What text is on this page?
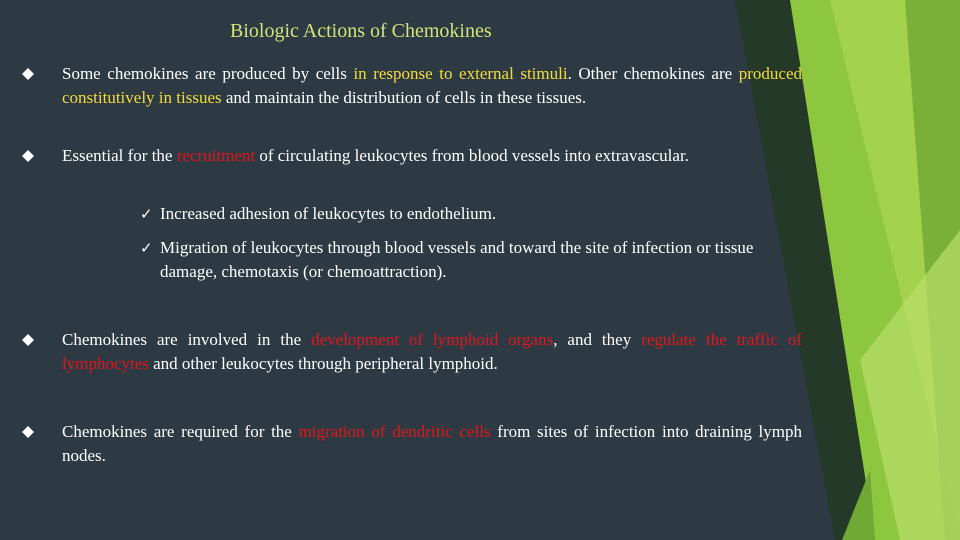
Biologic Actions of Chemokines
Some chemokines are produced by cells in response to external stimuli. Other chemokines are produced constitutively in tissues and maintain the distribution of cells in these tissues.
Essential for the recruitment of circulating leukocytes from blood vessels into extravascular.
✓ Increased adhesion of leukocytes to endothelium.
✓ Migration of leukocytes through blood vessels and toward the site of infection or tissue damage, chemotaxis (or chemoattraction).
Chemokines are involved in the development of lymphoid organs, and they regulate the traffic of lymphocytes and other leukocytes through peripheral lymphoid.
Chemokines are required for the migration of dendritic cells from sites of infection into draining lymph nodes.
